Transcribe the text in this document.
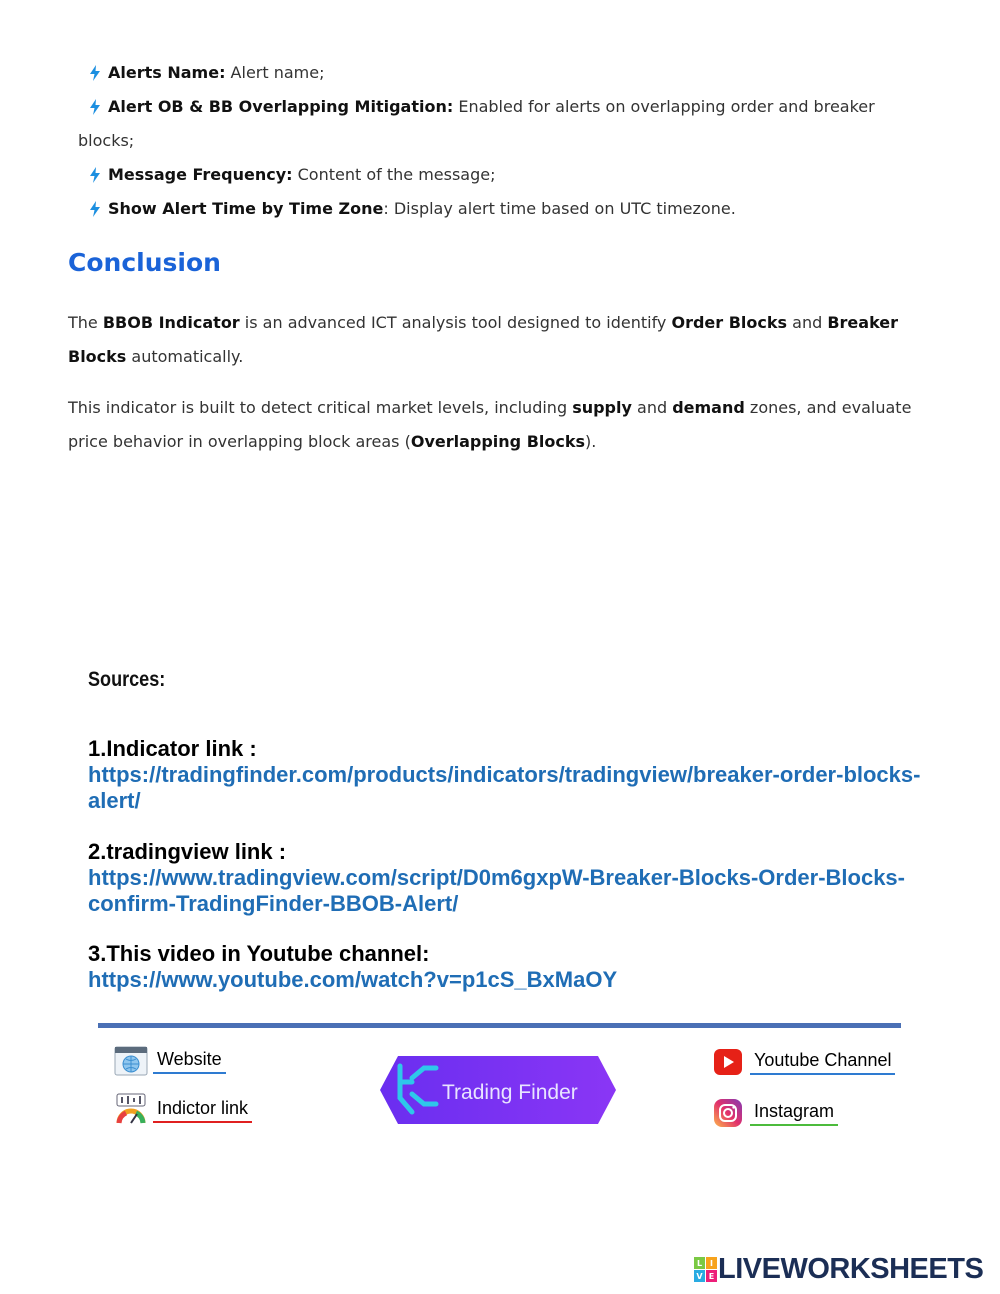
Alerts Name: Alert name;
Alert OB & BB Overlapping Mitigation: Enabled for alerts on overlapping order and breaker
blocks;
Message Frequency: Content of the message;
Show Alert Time by Time Zone: Display alert time based on UTC timezone.
Conclusion

The BBOB Indicator is an advanced ICT analysis tool designed to identify Order Blocks and Breaker Blocks automatically.

This indicator is built to detect critical market levels, including supply and demand zones, and evaluate price behavior in overlapping block areas (Overlapping Blocks).

Sources:
1.Indicator link :
https://tradingfinder.com/products/indicators/tradingview/breaker-order-blocks-alert/
2.tradingview link :
https://www.tradingview.com/script/D0m6gxpW-Breaker-Blocks-Order-Blocks-confirm-TradingFinder-BBOB-Alert/
3.This video in Youtube channel:
https://www.youtube.com/watch?v=p1cS_BxMaOY
Website
Indictor link
Youtube Channel
Instagram
Trading Finder
L I
V E LIVEWORKSHEETS
